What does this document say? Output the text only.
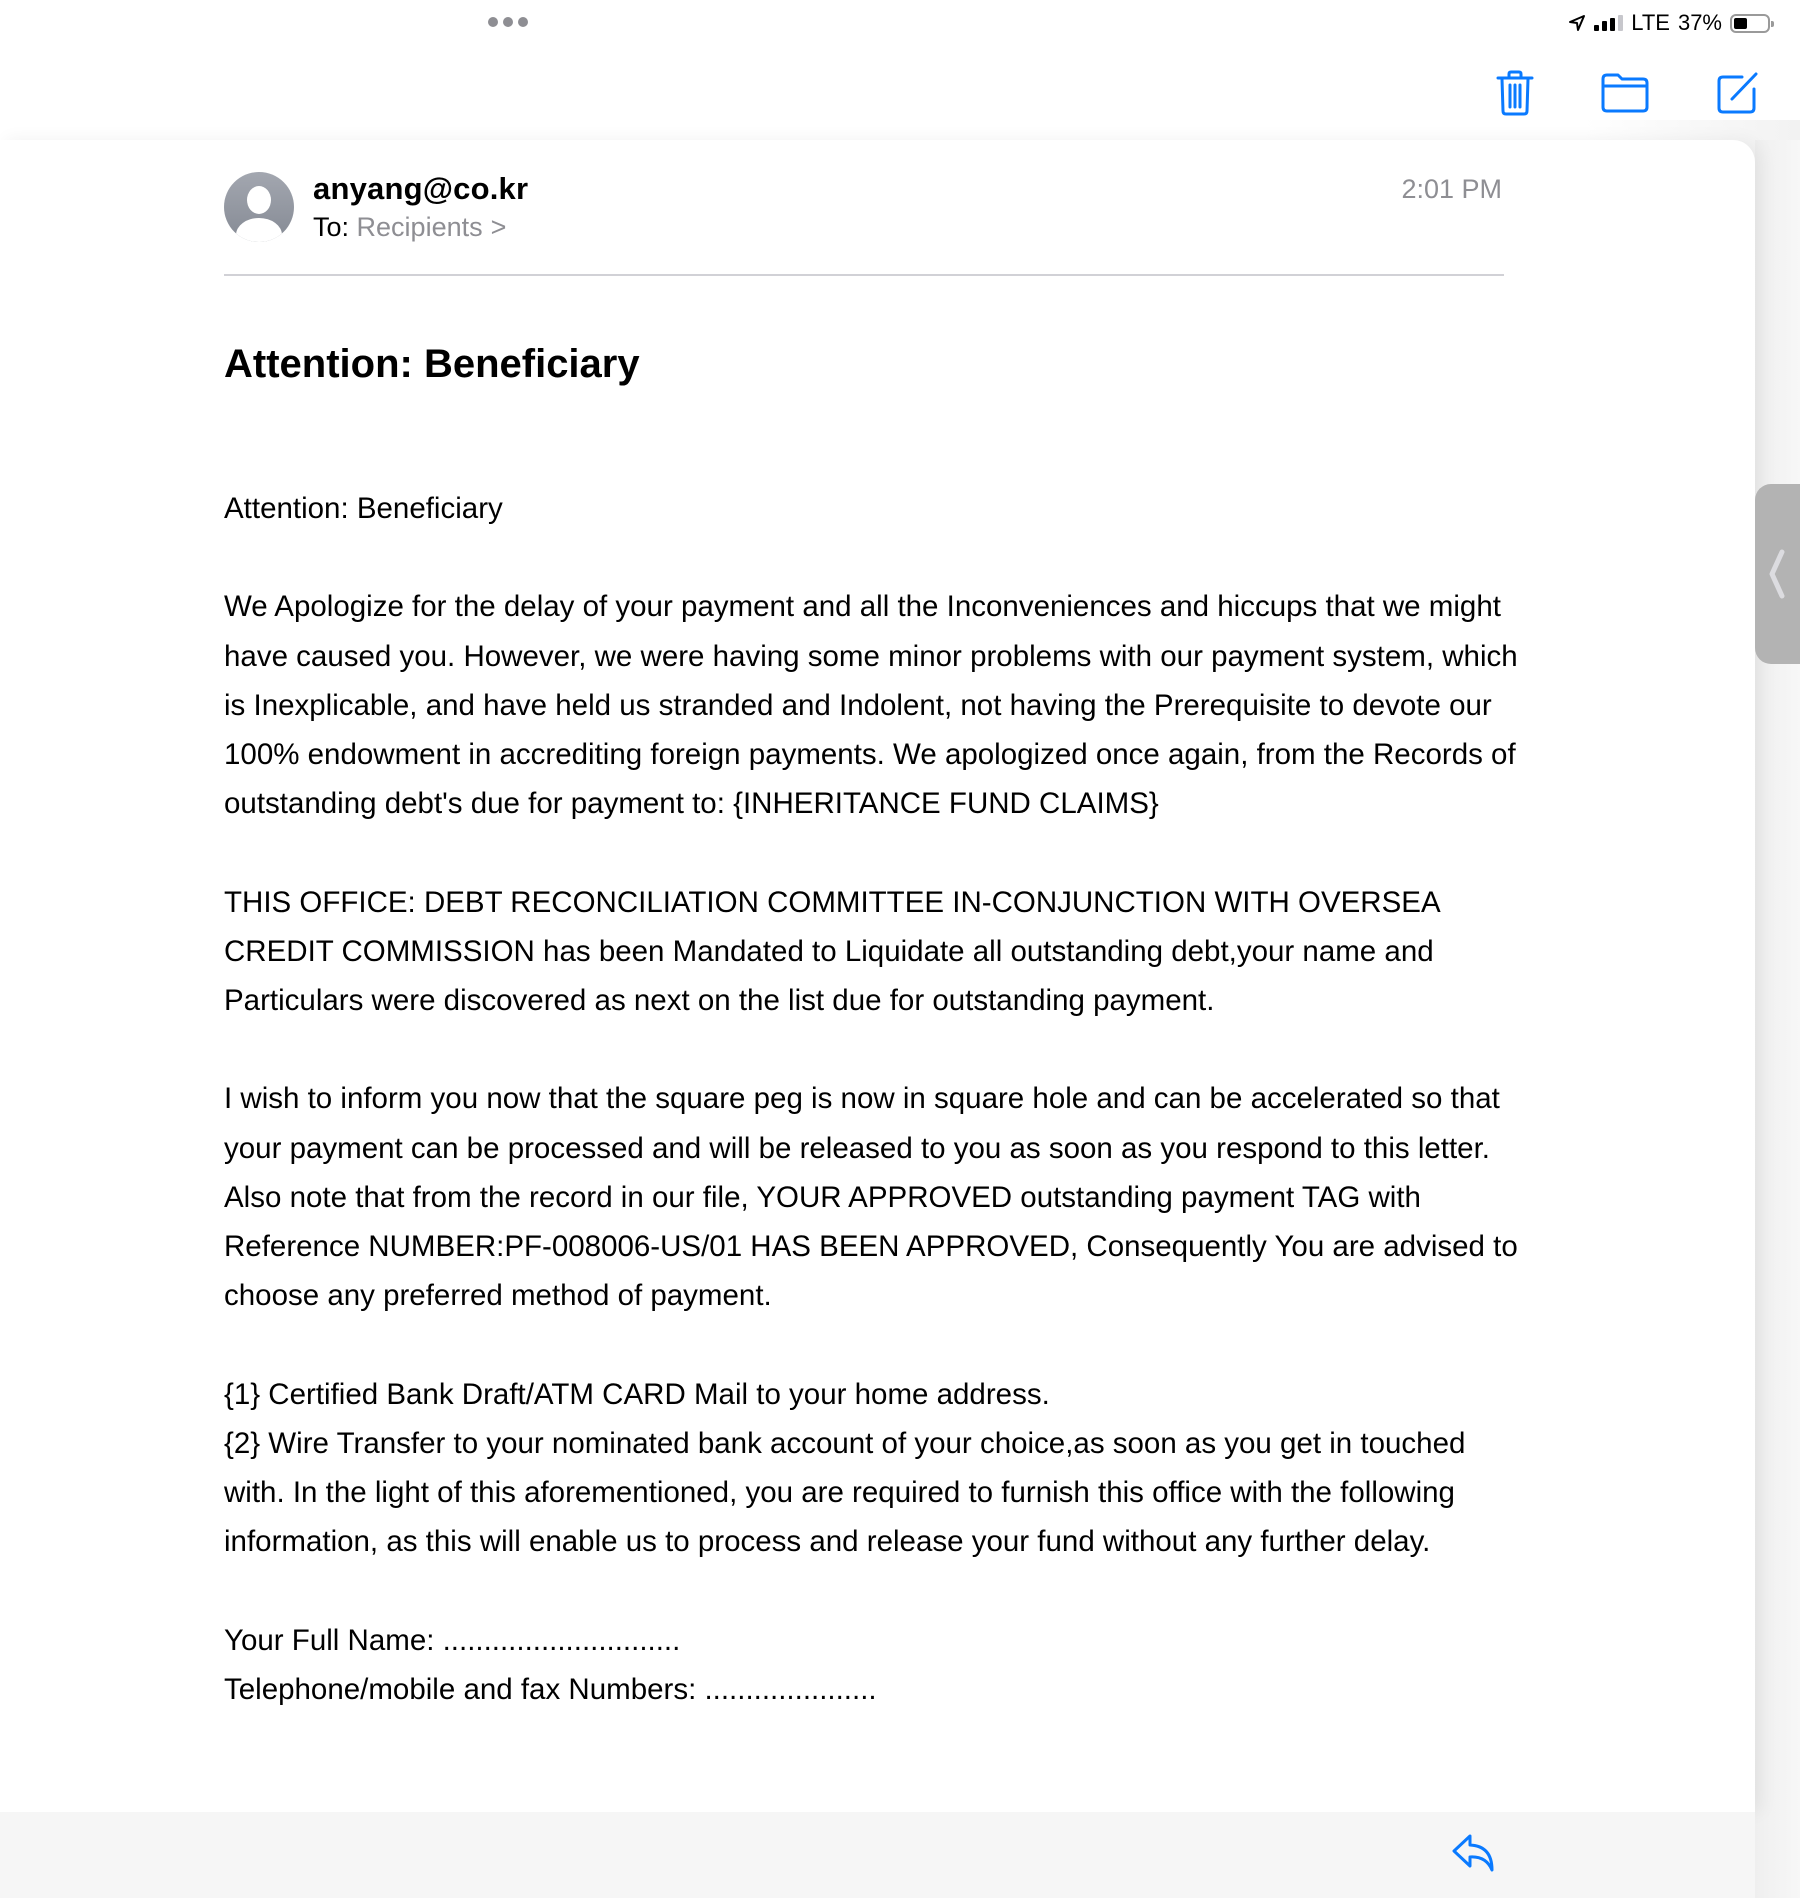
LTE 37%
anyang@co.kr
To: Recipients >
2:01 PM
Attention: Beneficiary

Attention: Beneficiary

We Apologize for the delay of your payment and all the Inconveniences and hiccups that we might have caused you. However, we were having some minor problems with our payment system, which is Inexplicable, and have held us stranded and Indolent, not having the Prerequisite to devote our 100% endowment in accrediting foreign payments. We apologized once again, from the Records of outstanding debt's due for payment to: {INHERITANCE FUND CLAIMS}

THIS OFFICE: DEBT RECONCILIATION COMMITTEE IN-CONJUNCTION WITH OVERSEA CREDIT COMMISSION has been Mandated to Liquidate all outstanding debt,your name and Particulars were discovered as next on the list due for outstanding payment.

I wish to inform you now that the square peg is now in square hole and can be accelerated so that your payment can be processed and will be released to you as soon as you respond to this letter. Also note that from the record in our file, YOUR APPROVED outstanding payment TAG with Reference NUMBER:PF-008006-US/01 HAS BEEN APPROVED, Consequently You are advised to choose any preferred method of payment.

{1} Certified Bank Draft/ATM CARD Mail to your home address.

{2} Wire Transfer to your nominated bank account of your choice,as soon as you get in touched with. In the light of this aforementioned, you are required to furnish this office with the following information, as this will enable us to process and release your fund without any further delay.

Your Full Name: .............................

Telephone/mobile and fax Numbers: .....................
